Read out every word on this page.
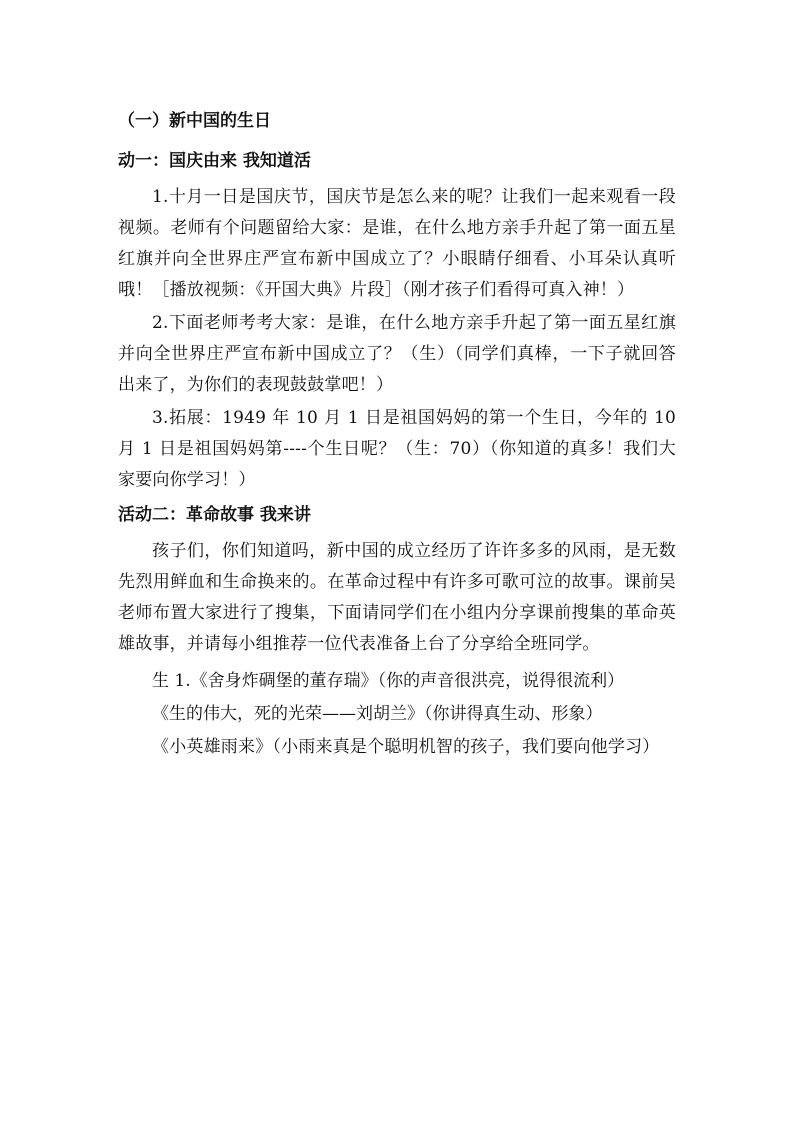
（一）新中国的生日
动一：国庆由来 我知道活

1.十月一日是国庆节，国庆节是怎么来的呢？让我们一起来观看一段视频。老师有个问题留给大家：是谁，在什么地方亲手升起了第一面五星红旗并向全世界庄严宣布新中国成立了？小眼睛仔细看、小耳朵认真听哦！［播放视频：《开国大典》片段］（刚才孩子们看得可真入神！）

2.下面老师考考大家：是谁，在什么地方亲手升起了第一面五星红旗并向全世界庄严宣布新中国成立了？（生）（同学们真棒，一下子就回答出来了，为你们的表现鼓鼓掌吧！）

3.拓展：1949 年 10 月 1 日是祖国妈妈的第一个生日，今年的 10 月 1 日是祖国妈妈第----个生日呢？（生：70）（你知道的真多！我们大家要向你学习！）

活动二：革命故事 我来讲

孩子们，你们知道吗，新中国的成立经历了许许多多的风雨，是无数先烈用鲜血和生命换来的。在革命过程中有许多可歌可泣的故事。课前吴老师布置大家进行了搜集，下面请同学们在小组内分享课前搜集的革命英雄故事，并请每小组推荐一位代表准备上台了分享给全班同学。

生 1.《舍身炸碉堡的董存瑞》（你的声音很洪亮，说得很流利）

《生的伟大，死的光荣——刘胡兰》（你讲得真生动、形象）

《小英雄雨来》（小雨来真是个聪明机智的孩子，我们要向他学习）
